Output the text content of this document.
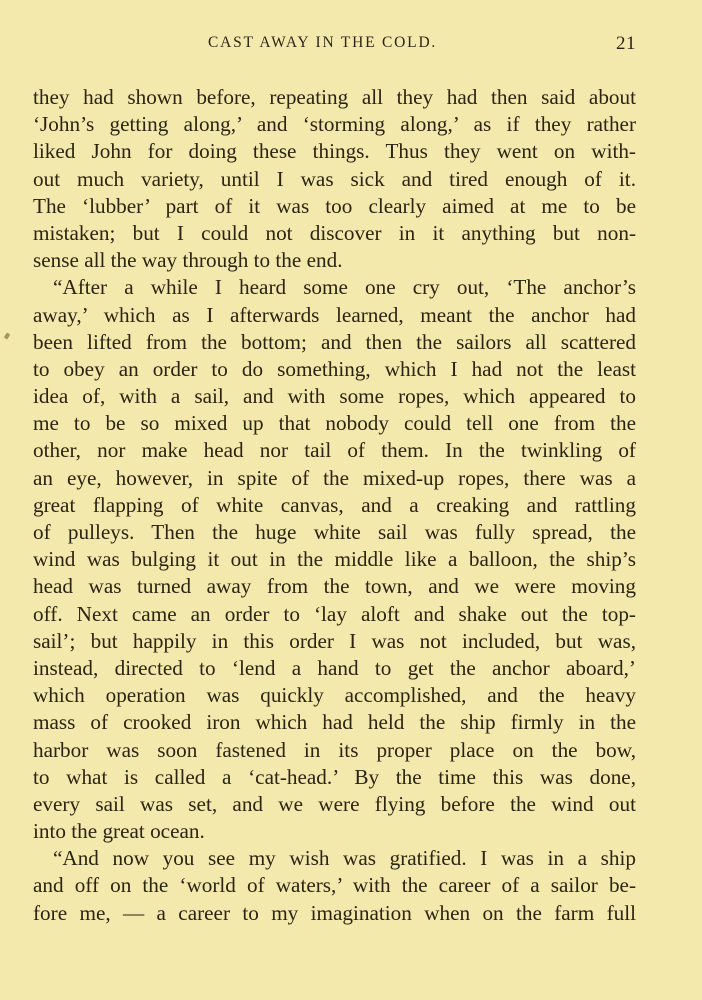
CAST AWAY IN THE COLD.	21
they had shown before, repeating all they had then said about
‘John’s getting along,’ and ‘storming along,’ as if they rather
liked John for doing these things. Thus they went on with-
out much variety, until I was sick and tired enough of it.
The ‘lubber’ part of it was too clearly aimed at me to be
mistaken; but I could not discover in it anything but non-
sense all the way through to the end.
“After a while I heard some one cry out, ‘The anchor’s
away,’ which as I afterwards learned, meant the anchor had
been lifted from the bottom; and then the sailors all scattered
to obey an order to do something, which I had not the least
idea of, with a sail, and with some ropes, which appeared to
me to be so mixed up that nobody could tell one from the
other, nor make head nor tail of them. In the twinkling of
an eye, however, in spite of the mixed-up ropes, there was a
great flapping of white canvas, and a creaking and rattling
of pulleys. Then the huge white sail was fully spread, the
wind was bulging it out in the middle like a balloon, the ship’s
head was turned away from the town, and we were moving
off. Next came an order to ‘lay aloft and shake out the top-
sail’; but happily in this order I was not included, but was,
instead, directed to ‘lend a hand to get the anchor aboard,’
which operation was quickly accomplished, and the heavy
mass of crooked iron which had held the ship firmly in the
harbor was soon fastened in its proper place on the bow,
to what is called a ‘cat-head.’ By the time this was done,
every sail was set, and we were flying before the wind out
into the great ocean.
“And now you see my wish was gratified. I was in a ship
and off on the ‘world of waters,’ with the career of a sailor be-
fore me, — a career to my imagination when on the farm full
